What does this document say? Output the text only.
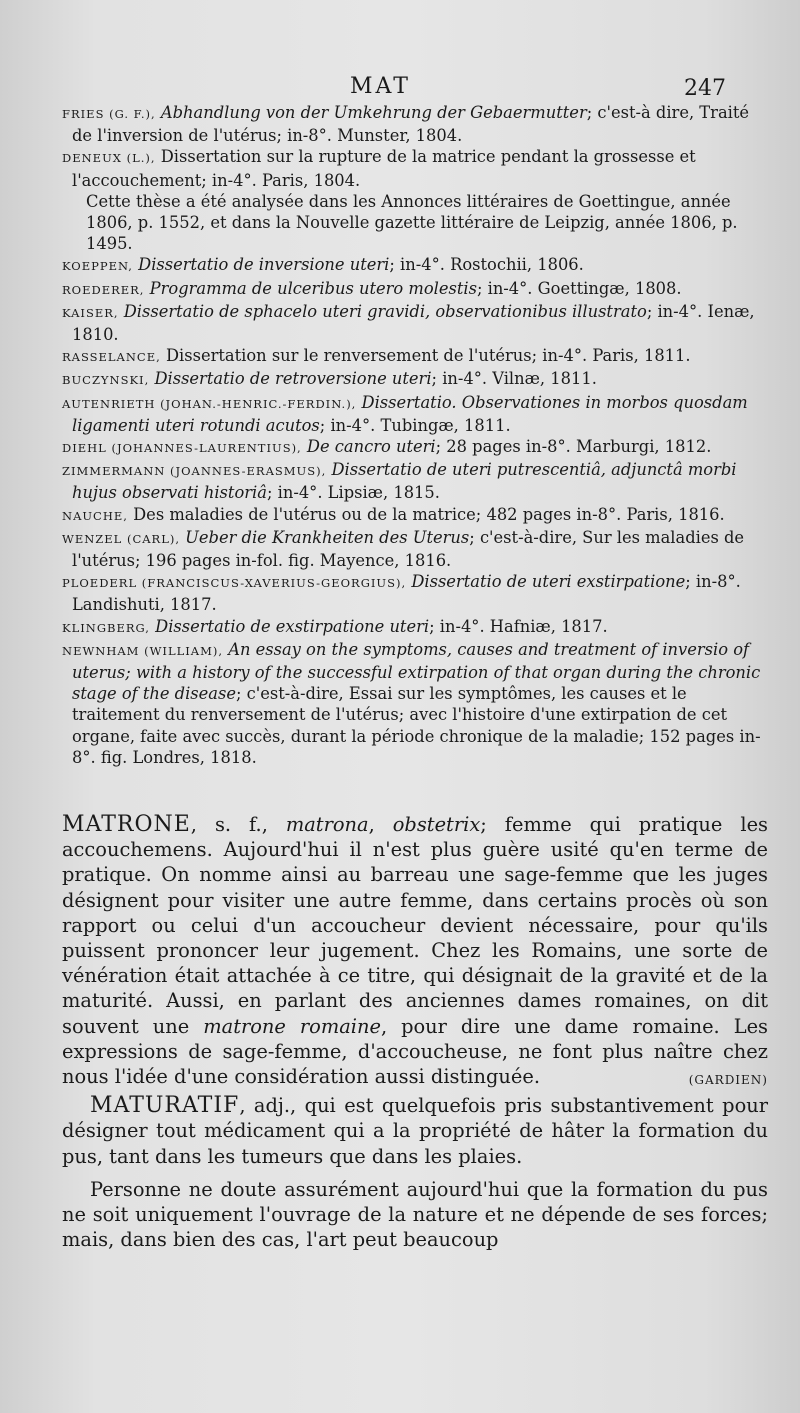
MAT	247

FRIES (G. F.), Abhandlung von der Umkehrung der Gebaermutter; c'est-à dire, Traité de l'inversion de l'utérus; in-8°. Munster, 1804.

DENEUX (L.), Dissertation sur la rupture de la matrice pendant la grossesse et l'accouchement; in-4°. Paris, 1804.

Cette thèse a été analysée dans les Annonces littéraires de Goettingue, année 1806, p. 1552, et dans la Nouvelle gazette littéraire de Leipzig, année 1806, p. 1495.

KOEPPEN, Dissertatio de inversione uteri; in-4°. Rostochii, 1806.

ROEDERER, Programma de ulceribus utero molestis; in-4°. Goettingæ, 1808.

KAISER, Dissertatio de sphacelo uteri gravidi, observationibus illustrato; in-4°. Ienæ, 1810.

RASSELANCE, Dissertation sur le renversement de l'utérus; in-4°. Paris, 1811.

BUCZYNSKI, Dissertatio de retroversione uteri; in-4°. Vilnæ, 1811.

AUTENRIETH (JOHAN.-HENRIC.-FERDIN.), Dissertatio. Observationes in morbos quosdam ligamenti uteri rotundi acutos; in-4°. Tubingæ, 1811.

DIEHL (JOHANNES-LAURENTIUS), De cancro uteri; 28 pages in-8°. Marburgi, 1812.

ZIMMERMANN (JOANNES-ERASMUS), Dissertatio de uteri putrescentiâ, adjunctâ morbi hujus observati historiâ; in-4°. Lipsiæ, 1815.

NAUCHE, Des maladies de l'utérus ou de la matrice; 482 pages in-8°. Paris, 1816.

WENZEL (CARL), Ueber die Krankheiten des Uterus; c'est-à-dire, Sur les maladies de l'utérus; 196 pages in-fol. fig. Mayence, 1816.

PLOEDERL (FRANCISCUS-XAVERIUS-GEORGIUS), Dissertatio de uteri exstirpatione; in-8°. Landishuti, 1817.

KLINGBERG, Dissertatio de exstirpatione uteri; in-4°. Hafniæ, 1817.

NEWNHAM (WILLIAM), An essay on the symptoms, causes and treatment of inversio of uterus; with a history of the successful extirpation of that organ during the chronic stage of the disease; c'est-à-dire, Essai sur les symptômes, les causes et le traitement du renversement de l'utérus; avec l'histoire d'une extirpation de cet organe, faite avec succès, durant la période chronique de la maladie; 152 pages in-8°. fig. Londres, 1818.

MATRONE, s. f., matrona, obstetrix; femme qui pratique les accouchemens. Aujourd'hui il n'est plus guère usité qu'en terme de pratique. On nomme ainsi au barreau une sage-femme que les juges désignent pour visiter une autre femme, dans certains procès où son rapport ou celui d'un accoucheur devient nécessaire, pour qu'ils puissent prononcer leur jugement. Chez les Romains, une sorte de vénération était attachée à ce titre, qui désignait de la gravité et de la maturité. Aussi, en parlant des anciennes dames romaines, on dit souvent une matrone romaine, pour dire une dame romaine. Les expressions de sage-femme, d'accoucheuse, ne font plus naître chez nous l'idée d'une considération aussi distinguée.	(GARDIEN)

MATURATIF, adj., qui est quelquefois pris substantivement pour désigner tout médicament qui a la propriété de hâter la formation du pus, tant dans les tumeurs que dans les plaies.

Personne ne doute assurément aujourd'hui que la formation du pus ne soit uniquement l'ouvrage de la nature et ne dépende de ses forces; mais, dans bien des cas, l'art peut beaucoup
